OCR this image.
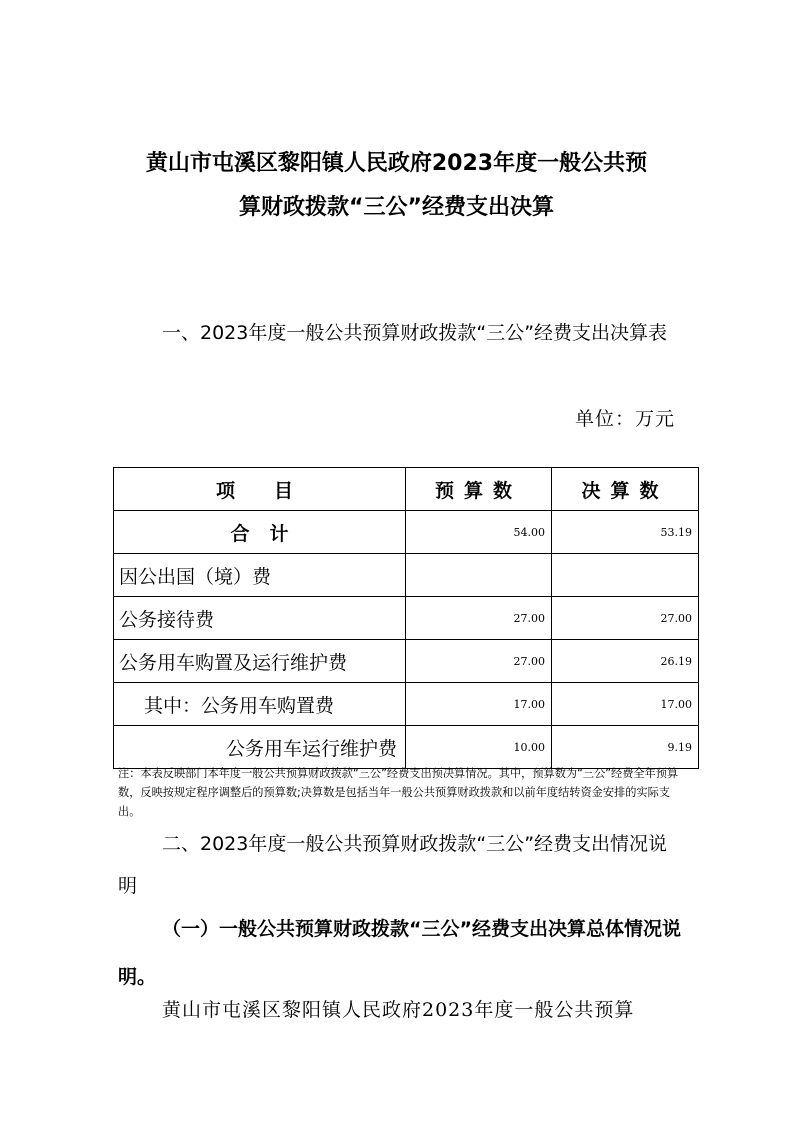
黄山市屯溪区黎阳镇人民政府2023年度一般公共预
算财政拨款“三公”经费支出决算
一、2023年度一般公共预算财政拨款“三公”经费支出决算表
单位：万元
项　目	预算数	决算数
合计	54.00	53.19
因公出国（境）费		
公务接待费	27.00	27.00
公务用车购置及运行维护费	27.00	26.19
其中：公务用车购置费	17.00	17.00
公务用车运行维护费	10.00	9.19
注：本表反映部门本年度一般公共预算财政拨款“三公”经费支出预决算情况。其中，预算数为“三公”经费全年预算数，反映按规定程序调整后的预算数;决算数是包括当年一般公共预算财政拨款和以前年度结转资金安排的实际支出。
二、2023年度一般公共预算财政拨款“三公”经费支出情况说明
（一）一般公共预算财政拨款“三公”经费支出决算总体情况说明。
黄山市屯溪区黎阳镇人民政府2023年度一般公共预算
